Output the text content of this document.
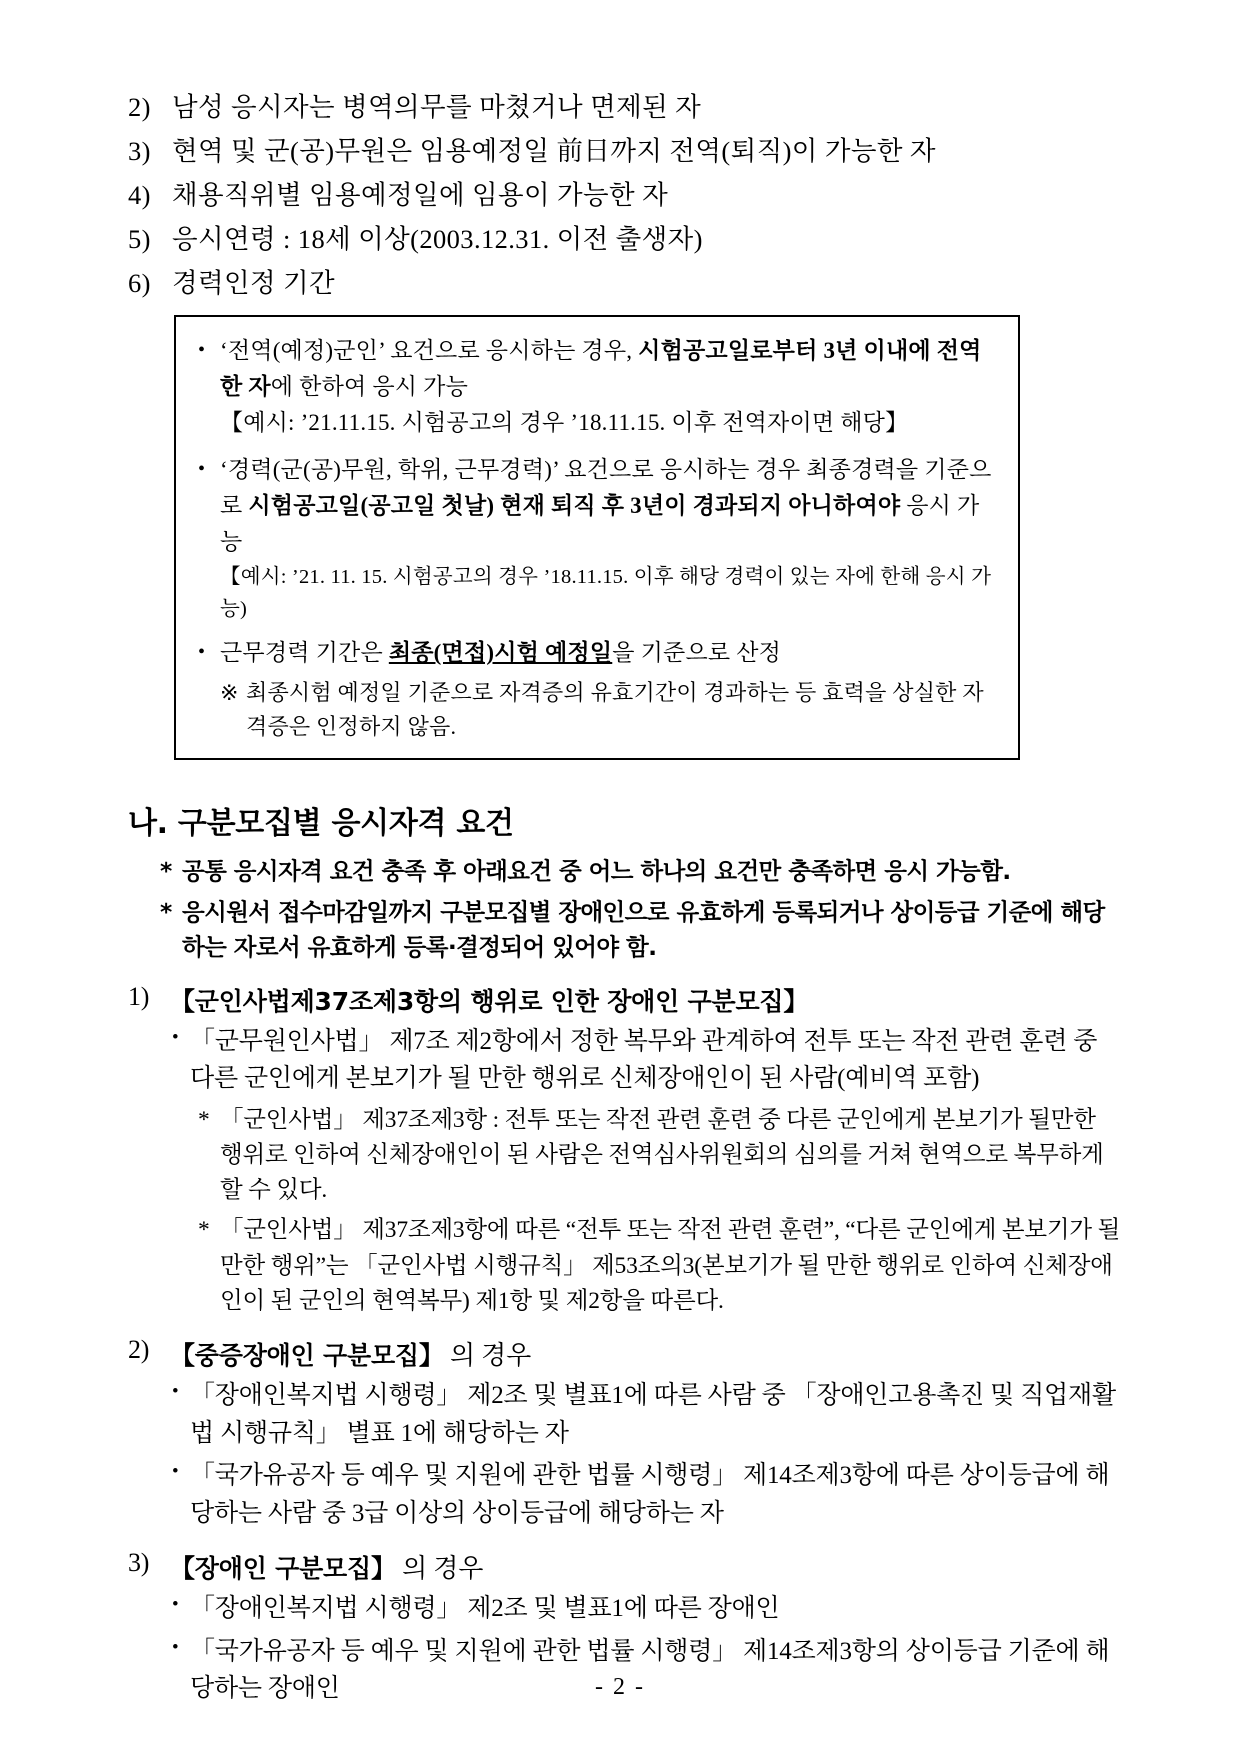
2) 남성 응시자는 병역의무를 마쳤거나 면제된 자
3) 현역 및 군(공)무원은 임용예정일 前日까지 전역(퇴직)이 가능한 자
4) 채용직위별 임용예정일에 임용이 가능한 자
5) 응시연령 : 18세 이상(2003.12.31. 이전 출생자)
6) 경력인정 기간
• ‘전역(예정)군인’ 요건으로 응시하는 경우, 시험공고일로부터 3년 이내에 전역한 자에 한하여 응시 가능
【예시: ’21.11.15. 시험공고의 경우 ’18.11.15. 이후 전역자이면 해당】
• ‘경력(군(공)무원, 학위, 근무경력)’ 요건으로 응시하는 경우 최종경력을 기준으로 시험공고일(공고일 첫날) 현재 퇴직 후 3년이 경과되지 아니하여야 응시 가능
【예시: ’21. 11. 15. 시험공고의 경우 ’18.11.15. 이후 해당 경력이 있는 자에 한해 응시 가능)
• 근무경력 기간은 최종(면접)시험 예정일을 기준으로 산정
※ 최종시험 예정일 기준으로 자격증의 유효기간이 경과하는 등 효력을 상실한 자격증은 인정하지 않음.
나. 구분모집별 응시자격 요건
* 공통 응시자격 요건 충족 후 아래요건 중 어느 하나의 요건만 충족하면 응시 가능함.
* 응시원서 접수마감일까지 구분모집별 장애인으로 유효하게 등록되거나 상이등급 기준에 해당하는 자로서 유효하게 등록·결정되어 있어야 함.
1) 【군인사법제37조제3항의 행위로 인한 장애인 구분모집】
• 「군무원인사법」 제7조 제2항에서 정한 복무와 관계하여 전투 또는 작전 관련 훈련 중 다른 군인에게 본보기가 될 만한 행위로 신체장애인이 된 사람(예비역 포함)
* 「군인사법」 제37조제3항 : 전투 또는 작전 관련 훈련 중 다른 군인에게 본보기가 될만한 행위로 인하여 신체장애인이 된 사람은 전역심사위원회의 심의를 거쳐 현역으로 복무하게 할 수 있다.
* 「군인사법」 제37조제3항에 따른 “전투 또는 작전 관련 훈련”, “다른 군인에게 본보기가 될 만한 행위”는 「군인사법 시행규칙」 제53조의3(본보기가 될 만한 행위로 인하여 신체장애인이 된 군인의 현역복무) 제1항 및 제2항을 따른다.
2) 【중증장애인 구분모집】 의 경우
• 「장애인복지법 시행령」 제2조 및 별표1에 따른 사람 중 「장애인고용촉진 및 직업재활법 시행규칙」 별표 1에 해당하는 자
• 「국가유공자 등 예우 및 지원에 관한 법률 시행령」 제14조제3항에 따른 상이등급에 해당하는 사람 중 3급 이상의 상이등급에 해당하는 자
3) 【장애인 구분모집】 의 경우
• 「장애인복지법 시행령」 제2조 및 별표1에 따른 장애인
• 「국가유공자 등 예우 및 지원에 관한 법률 시행령」 제14조제3항의 상이등급 기준에 해당하는 장애인	- 2 -
